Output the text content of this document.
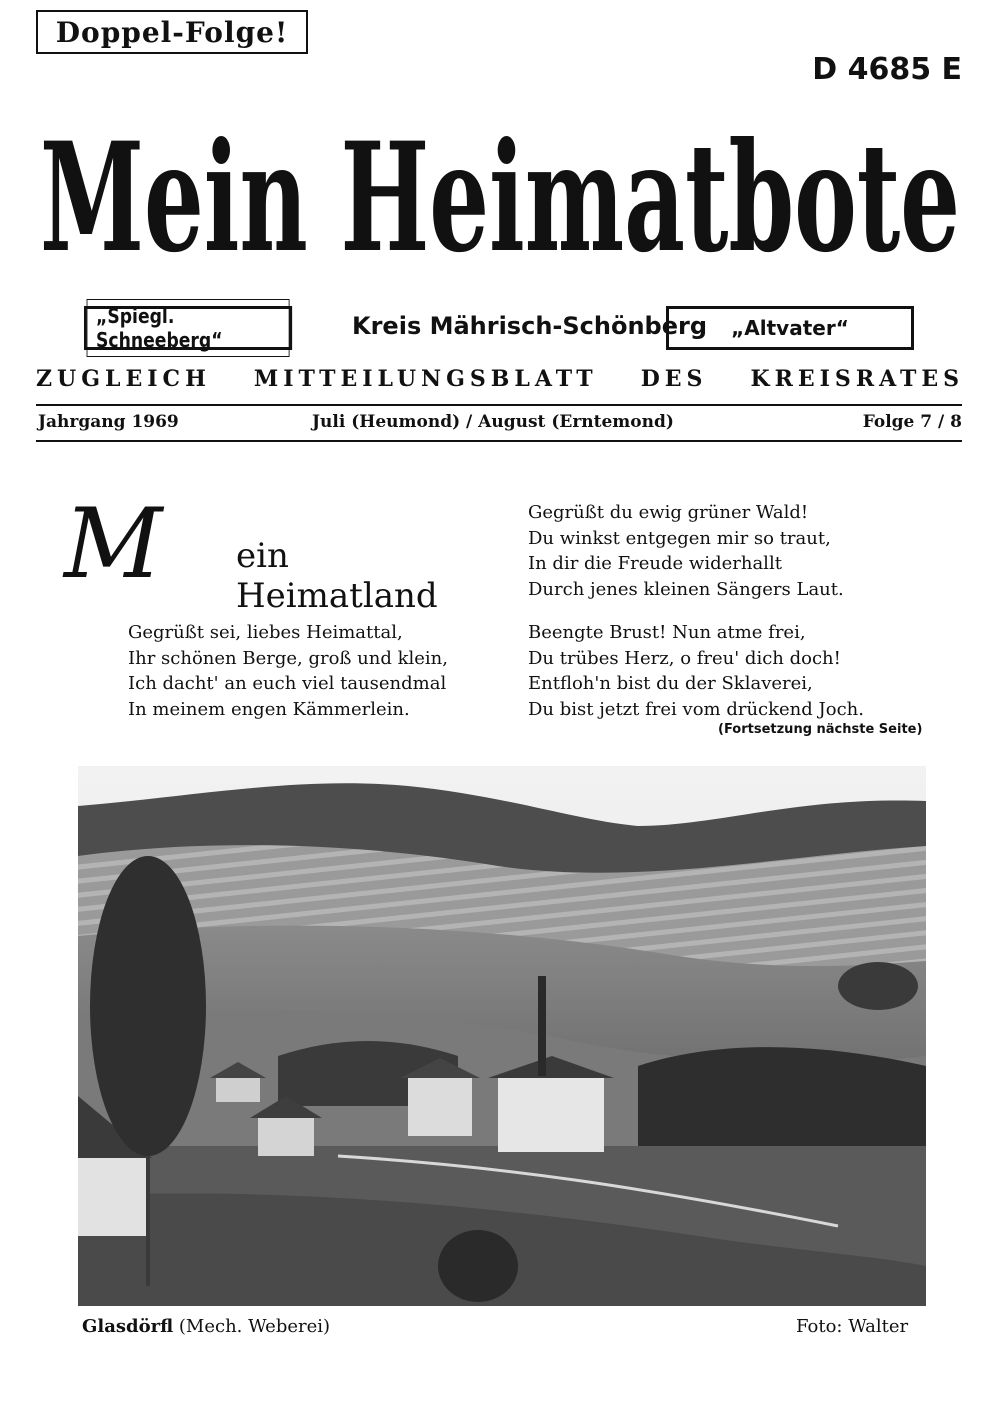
Doppel-Folge!
D 4685 E
Mein Heimatbote
„Spiegl. Schneeberg“	Kreis Mährisch-Schönberg „Altvater“
ZUGLEICH MITTEILUNGSBLATT DES KREISRATES
Jahrgang 1969	Juli (Heumond) / August (Erntemond)	Folge 7 / 8
M ein Heimatland
Gegrüßt sei, liebes Heimattal,
Ihr schönen Berge, groß und klein,
Ich dacht' an euch viel tausendmal
In meinem engen Kämmerlein.
Gegrüßt du ewig grüner Wald!
Du winkst entgegen mir so traut,
In dir die Freude widerhallt
Durch jenes kleinen Sängers Laut.
Beengte Brust! Nun atme frei,
Du trübes Herz, o freu' dich doch!
Entfloh'n bist du der Sklaverei,
Du bist jetzt frei vom drückend Joch.
(Fortsetzung nächste Seite)
Glasdörfl (Mech. Weberei)	Foto: Walter
